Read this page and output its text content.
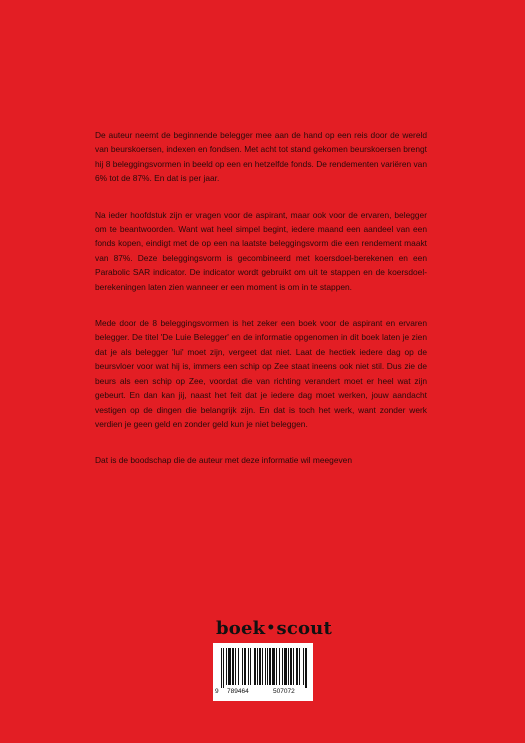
De auteur neemt de beginnende belegger mee aan de hand op een reis door de wereld van beurskoersen, indexen en fondsen. Met acht tot stand gekomen beurskoersen brengt hij 8 beleggingsvormen in beeld op een en hetzelfde fonds. De rendementen variëren van 6% tot de 87%. En dat is per jaar.

Na ieder hoofdstuk zijn er vragen voor de aspirant, maar ook voor de ervaren, belegger om te beantwoorden. Want wat heel simpel begint, iedere maand een aandeel van een fonds kopen, eindigt met de op een na laatste beleggingsvorm die een rendement maakt van 87%. Deze beleggingsvorm is gecombineerd met koersdoel-berekenen en een Parabolic SAR indicator. De indicator wordt gebruikt om uit te stappen en de koersdoel-berekeningen laten zien wanneer er een moment is om in te stappen.

Mede door de 8 beleggingsvormen is het zeker een boek voor de aspirant en ervaren belegger. De titel 'De Luie Belegger' en de informatie opgenomen in dit boek laten je zien dat je als belegger 'lui' moet zijn, vergeet dat niet. Laat de hectiek iedere dag op de beursvloer voor wat hij is, immers een schip op Zee staat ineens ook niet stil. Dus zie de beurs als een schip op Zee, voordat die van richting verandert moet er heel wat zijn gebeurt. En dan kan jij, naast het feit dat je iedere dag moet werken, jouw aandacht vestigen op de dingen die belangrijk zijn. En dat is toch het werk, want zonder werk verdien je geen geld en zonder geld kun je niet beleggen.

Dat is de boodschap die de auteur met deze informatie wil meegeven

boek•scout
9 789464	507072
